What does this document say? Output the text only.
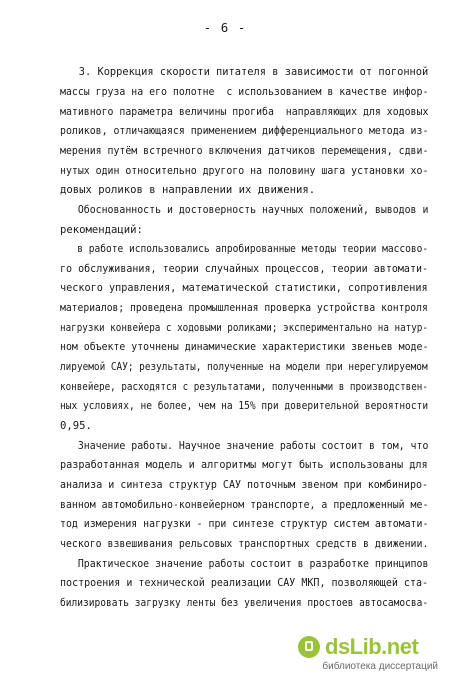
- 6 -
3. Коррекция скорости питателя в зависимости от погонной
массы груза на его полотне  с использованием в качестве инфор-
мативного параметра величины прогиба  направляющих для ходовых
роликов, отличающаяся применением дифференциального метода из-
мерения путём встречного включения датчиков перемещения, сдви-
нутых один относительно другого на половину шага установки хо-
довых роликов в направлении их движения.
Обоснованность и достоверность научных положений, выводов и
рекомендаций:
в работе использовались апробированные методы теории массово-
го обслуживания, теории случайных процессов, теории автомати-
ческого управления, математической статистики, сопротивления
материалов; проведена промышленная проверка устройства контроля
нагрузки конвейера с ходовыми роликами; экспериментально на натур-
ном объекте уточнены динамические характеристики звеньев моде-
лируемой САУ; результаты, полученные на модели при нерегулируемом
конвейере, расходятся с результатами, полученными в производствен-
ных условиях, не более, чем на 15% при доверительной вероятности
0,95.
Значение работы. Научное значение работы состоит в том, что
разработанная модель и алгоритмы могут быть использованы для
анализа и синтеза структур САУ поточным звеном при комбиниро-
ванном автомобильно-конвейерном транспорте, а предложенный ме-
тод измерения нагрузки - при синтезе структур систем автомати-
ческого взвешивания рельсовых транспортных средств в движении.
Практическое значение работы состоит в разработке принципов
построения и технической реализации САУ МКП, позволяющей ста-
билизировать загрузку ленты без увеличения простоев автосамосва-
dsLib.net
библиотека диссертаций
